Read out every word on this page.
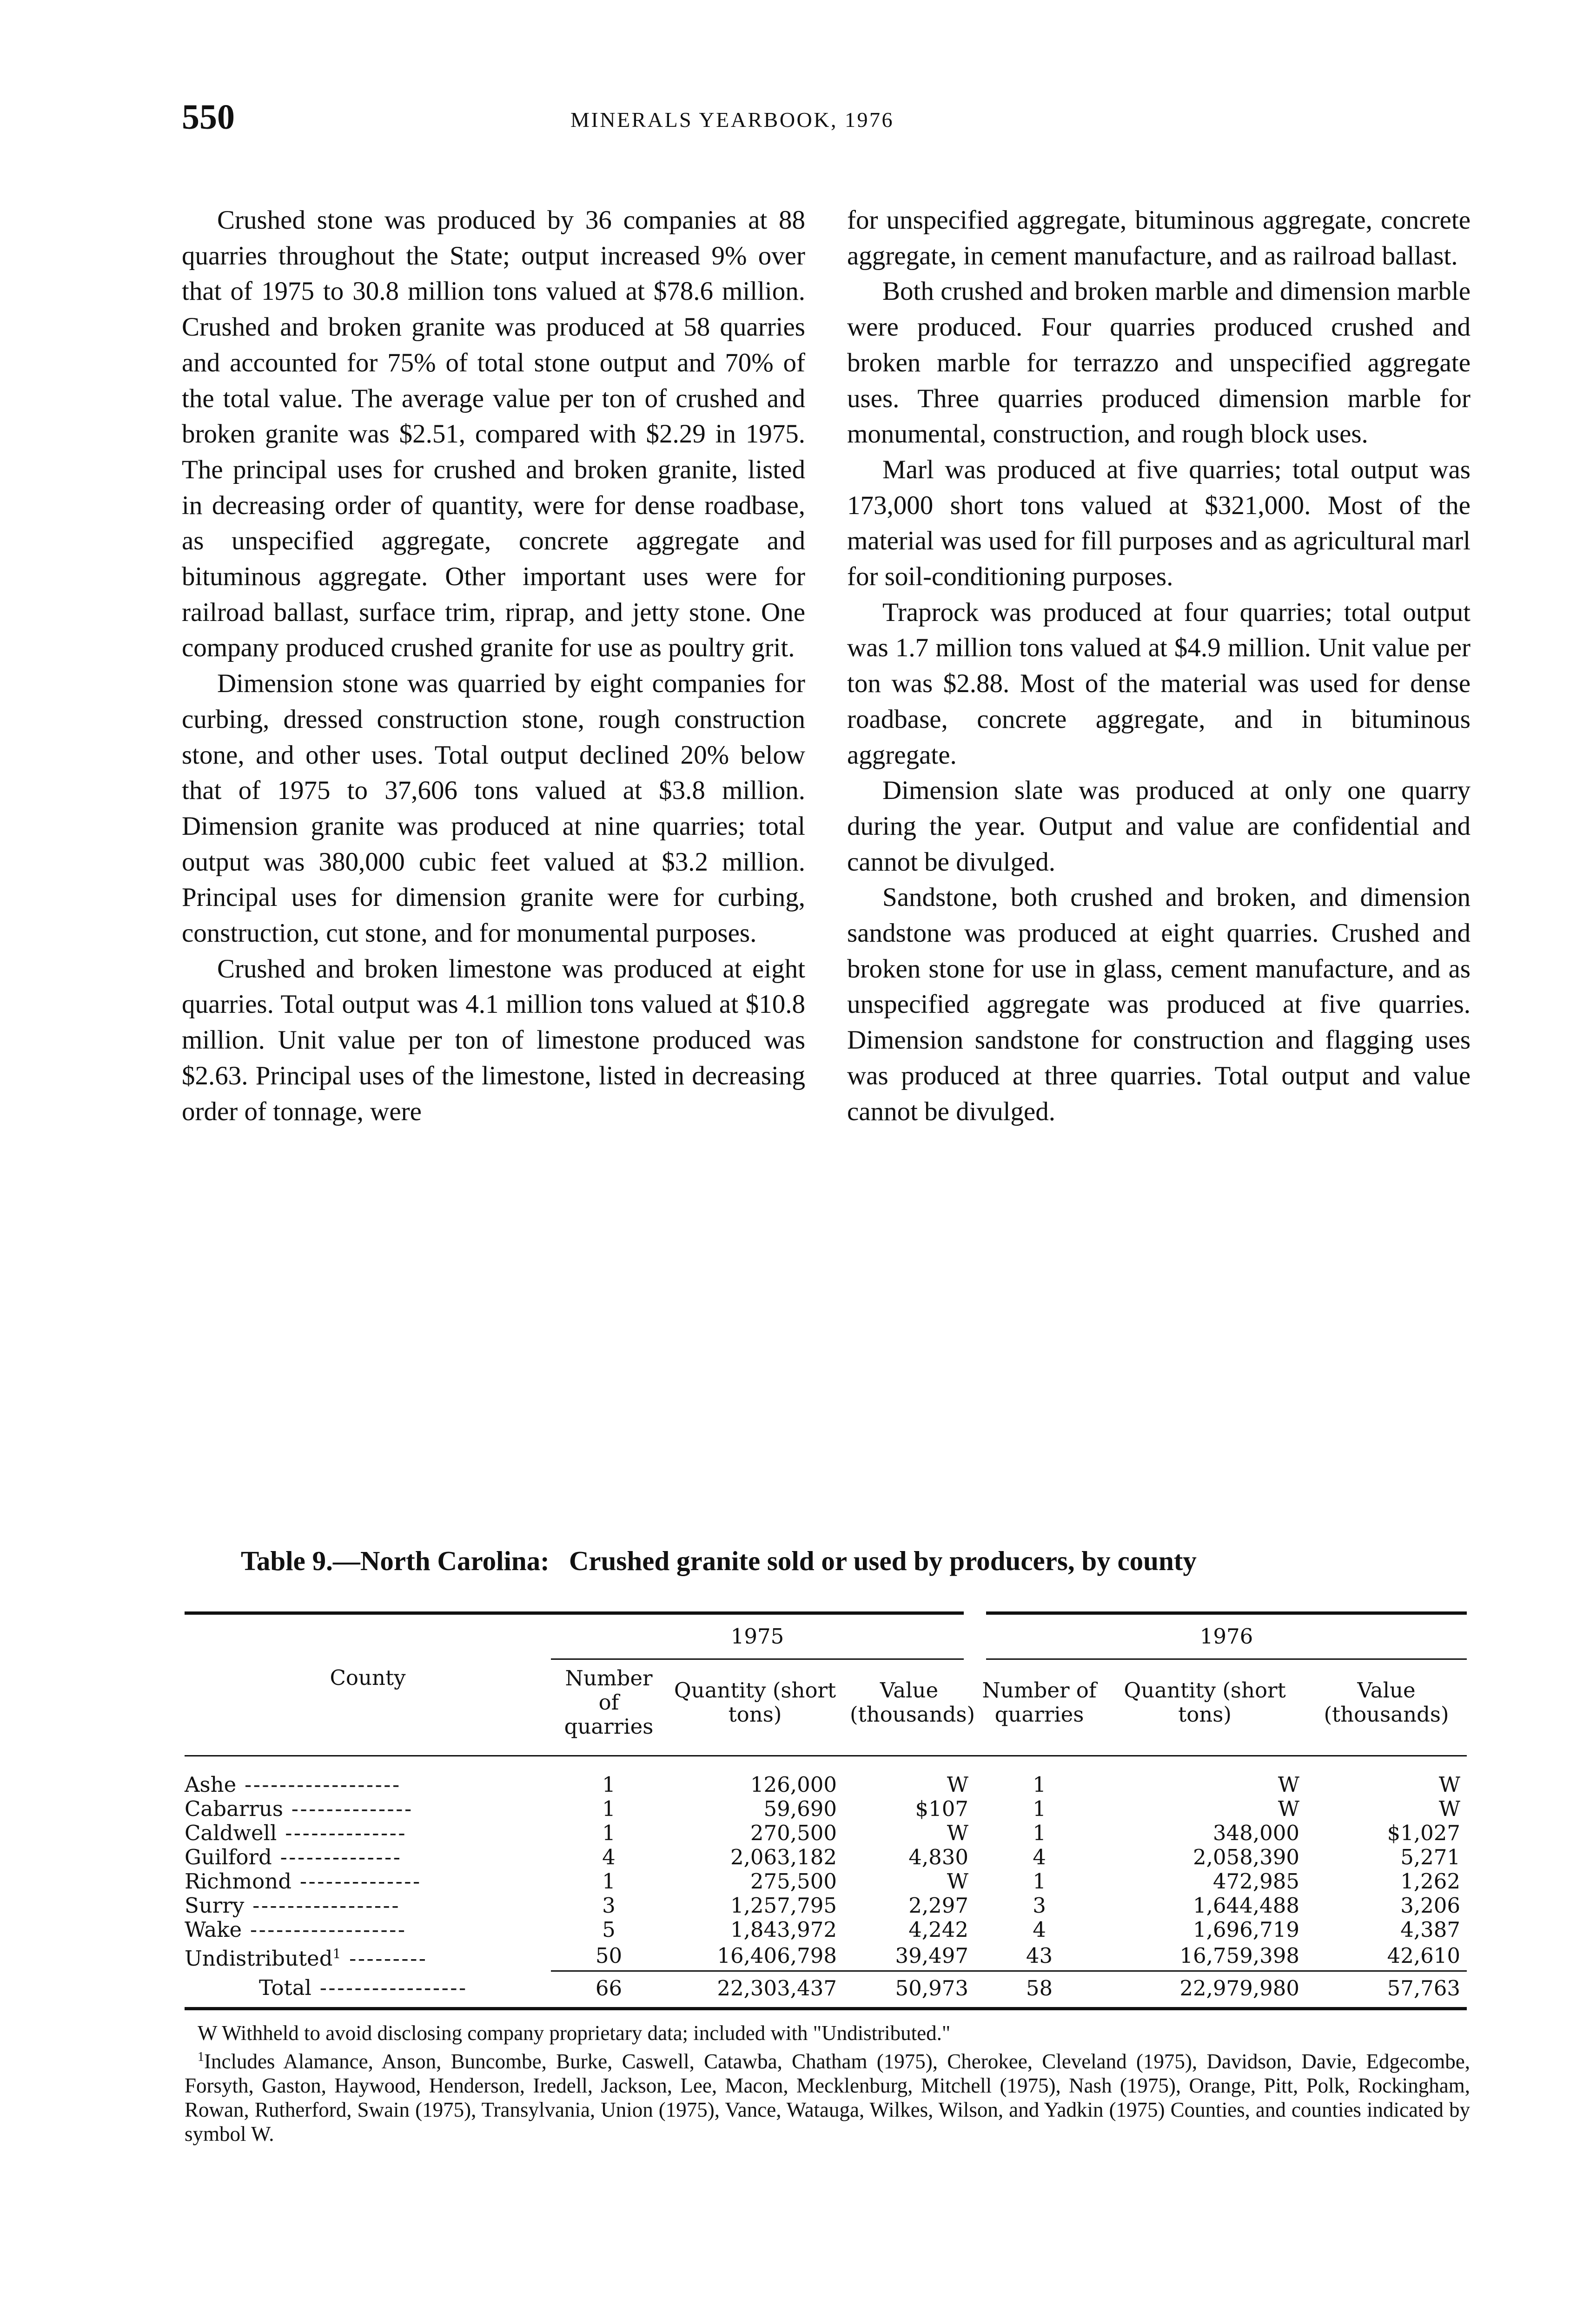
550	MINERALS YEARBOOK, 1976

Crushed stone was produced by 36 companies at 88 quarries throughout the State; output increased 9% over that of 1975 to 30.8 million tons valued at $78.6 million. Crushed and broken granite was produced at 58 quarries and accounted for 75% of total stone output and 70% of the total value. The average value per ton of crushed and broken granite was $2.51, compared with $2.29 in 1975. The principal uses for crushed and broken granite, listed in decreasing order of quantity, were for dense roadbase, as unspecified aggregate, concrete aggregate and bituminous aggregate. Other important uses were for railroad ballast, surface trim, riprap, and jetty stone. One company produced crushed granite for use as poultry grit.

Dimension stone was quarried by eight companies for curbing, dressed construction stone, rough construction stone, and other uses. Total output declined 20% below that of 1975 to 37,606 tons valued at $3.8 million. Dimension granite was produced at nine quarries; total output was 380,000 cubic feet valued at $3.2 million. Principal uses for dimension granite were for curbing, construction, cut stone, and for monumental purposes.

Crushed and broken limestone was produced at eight quarries. Total output was 4.1 million tons valued at $10.8 million. Unit value per ton of limestone produced was $2.63. Principal uses of the limestone, listed in decreasing order of tonnage, were

for unspecified aggregate, bituminous aggregate, concrete aggregate, in cement manufacture, and as railroad ballast.

Both crushed and broken marble and dimension marble were produced. Four quarries produced crushed and broken marble for terrazzo and unspecified aggregate uses. Three quarries produced dimension marble for monumental, construction, and rough block uses.

Marl was produced at five quarries; total output was 173,000 short tons valued at $321,000. Most of the material was used for fill purposes and as agricultural marl for soil-conditioning purposes.

Traprock was produced at four quarries; total output was 1.7 million tons valued at $4.9 million. Unit value per ton was $2.88. Most of the material was used for dense roadbase, concrete aggregate, and in bituminous aggregate.

Dimension slate was produced at only one quarry during the year. Output and value are confidential and cannot be divulged.

Sandstone, both crushed and broken, and dimension sandstone was produced at eight quarries. Crushed and broken stone for use in glass, cement manufacture, and as unspecified aggregate was produced at five quarries. Dimension sandstone for construction and flagging uses was produced at three quarries. Total output and value cannot be divulged.

Table 9.—North Carolina: Crushed granite sold or used by producers, by county
County	1975			1976		
	Number of quarries	Quantity (short tons)	Value (thousands)	Number of quarries	Quantity (short tons)	Value (thousands)
Ashe ------------------	1	126,000	W	1	W	W
Cabarrus --------------	1	59,690	$107	1	W	W
Caldwell --------------	1	270,500	W	1	348,000	$1,027
Guilford --------------	4	2,063,182	4,830	4	2,058,390	5,271
Richmond --------------	1	275,500	W	1	472,985	1,262
Surry -----------------	3	1,257,795	2,297	3	1,644,488	3,206
Wake ------------------	5	1,843,972	4,242	4	1,696,719	4,387
Undistributed$^1$ ---------	50	16,406,798	39,497	43	16,759,398	42,610
Total -----------------	66	22,303,437	50,973	58	22,979,980	57,763

W Withheld to avoid disclosing company proprietary data; included with "Undistributed."

$^1$Includes Alamance, Anson, Buncombe, Burke, Caswell, Catawba, Chatham (1975), Cherokee, Cleveland (1975), Davidson, Davie, Edgecombe, Forsyth, Gaston, Haywood, Henderson, Iredell, Jackson, Lee, Macon, Mecklenburg, Mitchell (1975), Nash (1975), Orange, Pitt, Polk, Rockingham, Rowan, Rutherford, Swain (1975), Transylvania, Union (1975), Vance, Watauga, Wilkes, Wilson, and Yadkin (1975) Counties, and counties indicated by symbol W.
